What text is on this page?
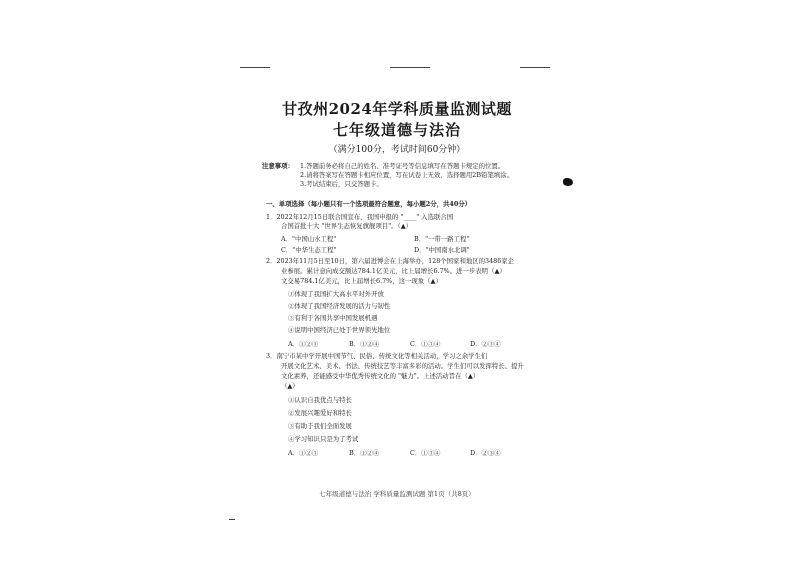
甘孜州2024年学科质量监测试题
七年级道德与法治
（满分100分，考试时间60分钟）
注意事项： 1.答题前务必将自己的姓名、准考证号等信息填写在答题卡规定的位置。
2.请将答案写在答题卡相应位置，写在试卷上无效，选择题用2B铅笔填涂。
3.考试结束后，只交答题卡。
一、单项选择（每小题只有一个选项最符合题意，每小题2分，共40分）
1．2022年12月15日联合国宣布，我国申报的 "____" 入选联合国
合国首批十大 "世界生态恢复旗舰项目"。（▲）
A．"中国山水工程"	B．"一带一路工程"
C．"中华生态工程"	D．"中国南水北调"
2．2023年11月5日至10日，第六届进博会在上海举办，128个国家和地区的3486家企
业参展。累计意向成交额达784.1亿美元，比上届增长6.7%。进一步表明（▲）
文交易784.1亿美元，比上届增长6.7%，这一现象（▲）
①体现了我国扩大高水平对外开放
②体现了我国经济发展的活力与韧性
③有利于各国共享中国发展机遇
④说明中国经济已处于世界领先地位
A．①②③	B．①②④	C．①③④	D．②③④
3．南宁市某中学开展中国节气、民俗、传统文化等相关活动，学习之余学生们
开展文化艺术、美术、书法、传统技艺等丰富多彩的活动。学生们可以发挥特长、提升
文化素养，还能感受中华优秀传统文化的 "魅力"。上述活动旨在（▲）
（▲）
①认识自我优点与特长
②发展兴趣爱好和特长
③有助于我们全面发展
④学习知识只是为了考试
A．①②③	B．①②④	C．①③④	D．②③④
七年级道德与法治 学科质量监测试题 第1页（共8页）
